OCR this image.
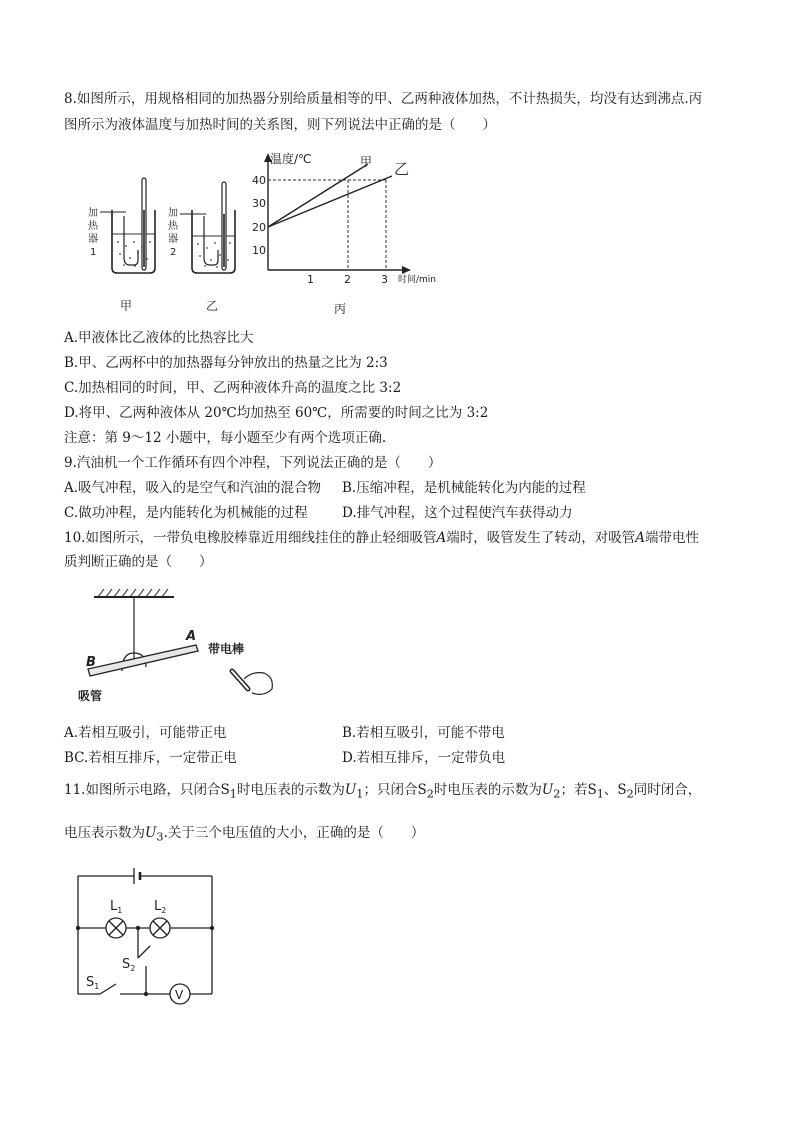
8.如图所示，用规格相同的加热器分别给质量相等的甲、乙两种液体加热，不计热损失，均没有达到沸点.丙
图所示为液体温度与加热时间的关系图，则下列说法中正确的是（　　）
加
热
器
1
加
热
器
2
甲	乙
温度/℃
时间/min
40
30
20
10
1	2	3
甲 乙
丙
A.甲液体比乙液体的比热容比大
B.甲、乙两杯中的加热器每分钟放出的热量之比为 2:3
C.加热相同的时间，甲、乙两种液体升高的温度之比 3:2
D.将甲、乙两种液体从 20℃均加热至 60℃，所需要的时间之比为 3:2
注意：第 9～12 小题中，每小题至少有两个选项正确.
9.汽油机一个工作循环有四个冲程，下列说法正确的是（　　）
A.吸气冲程，吸入的是空气和汽油的混合物 B.压缩冲程，是机械能转化为内能的过程
C.做功冲程，是内能转化为机械能的过程	D.排气冲程，这个过程使汽车获得动力
10.如图所示，一带负电橡胶棒靠近用细线挂住的静止轻细吸管A端时，吸管发生了转动，对吸管A端带电性
质判断正确的是（　　）
A
B
吸管
带电棒
A.若相互吸引，可能带正电	B.若相互吸引，可能不带电
BC.若相互排斥，一定带正电	D.若相互排斥，一定带负电
11.如图所示电路，只闭合$S_1$时电压表的示数为$U_1$；只闭合$S_2$时电压表的示数为$U_2$；若$S_1$、$S_2$同时闭合，
电压表示数为$U_3$.关于三个电压值的大小，正确的是（　　）
$L_1$ $L_2$
$S_2$
$S_1$
V
